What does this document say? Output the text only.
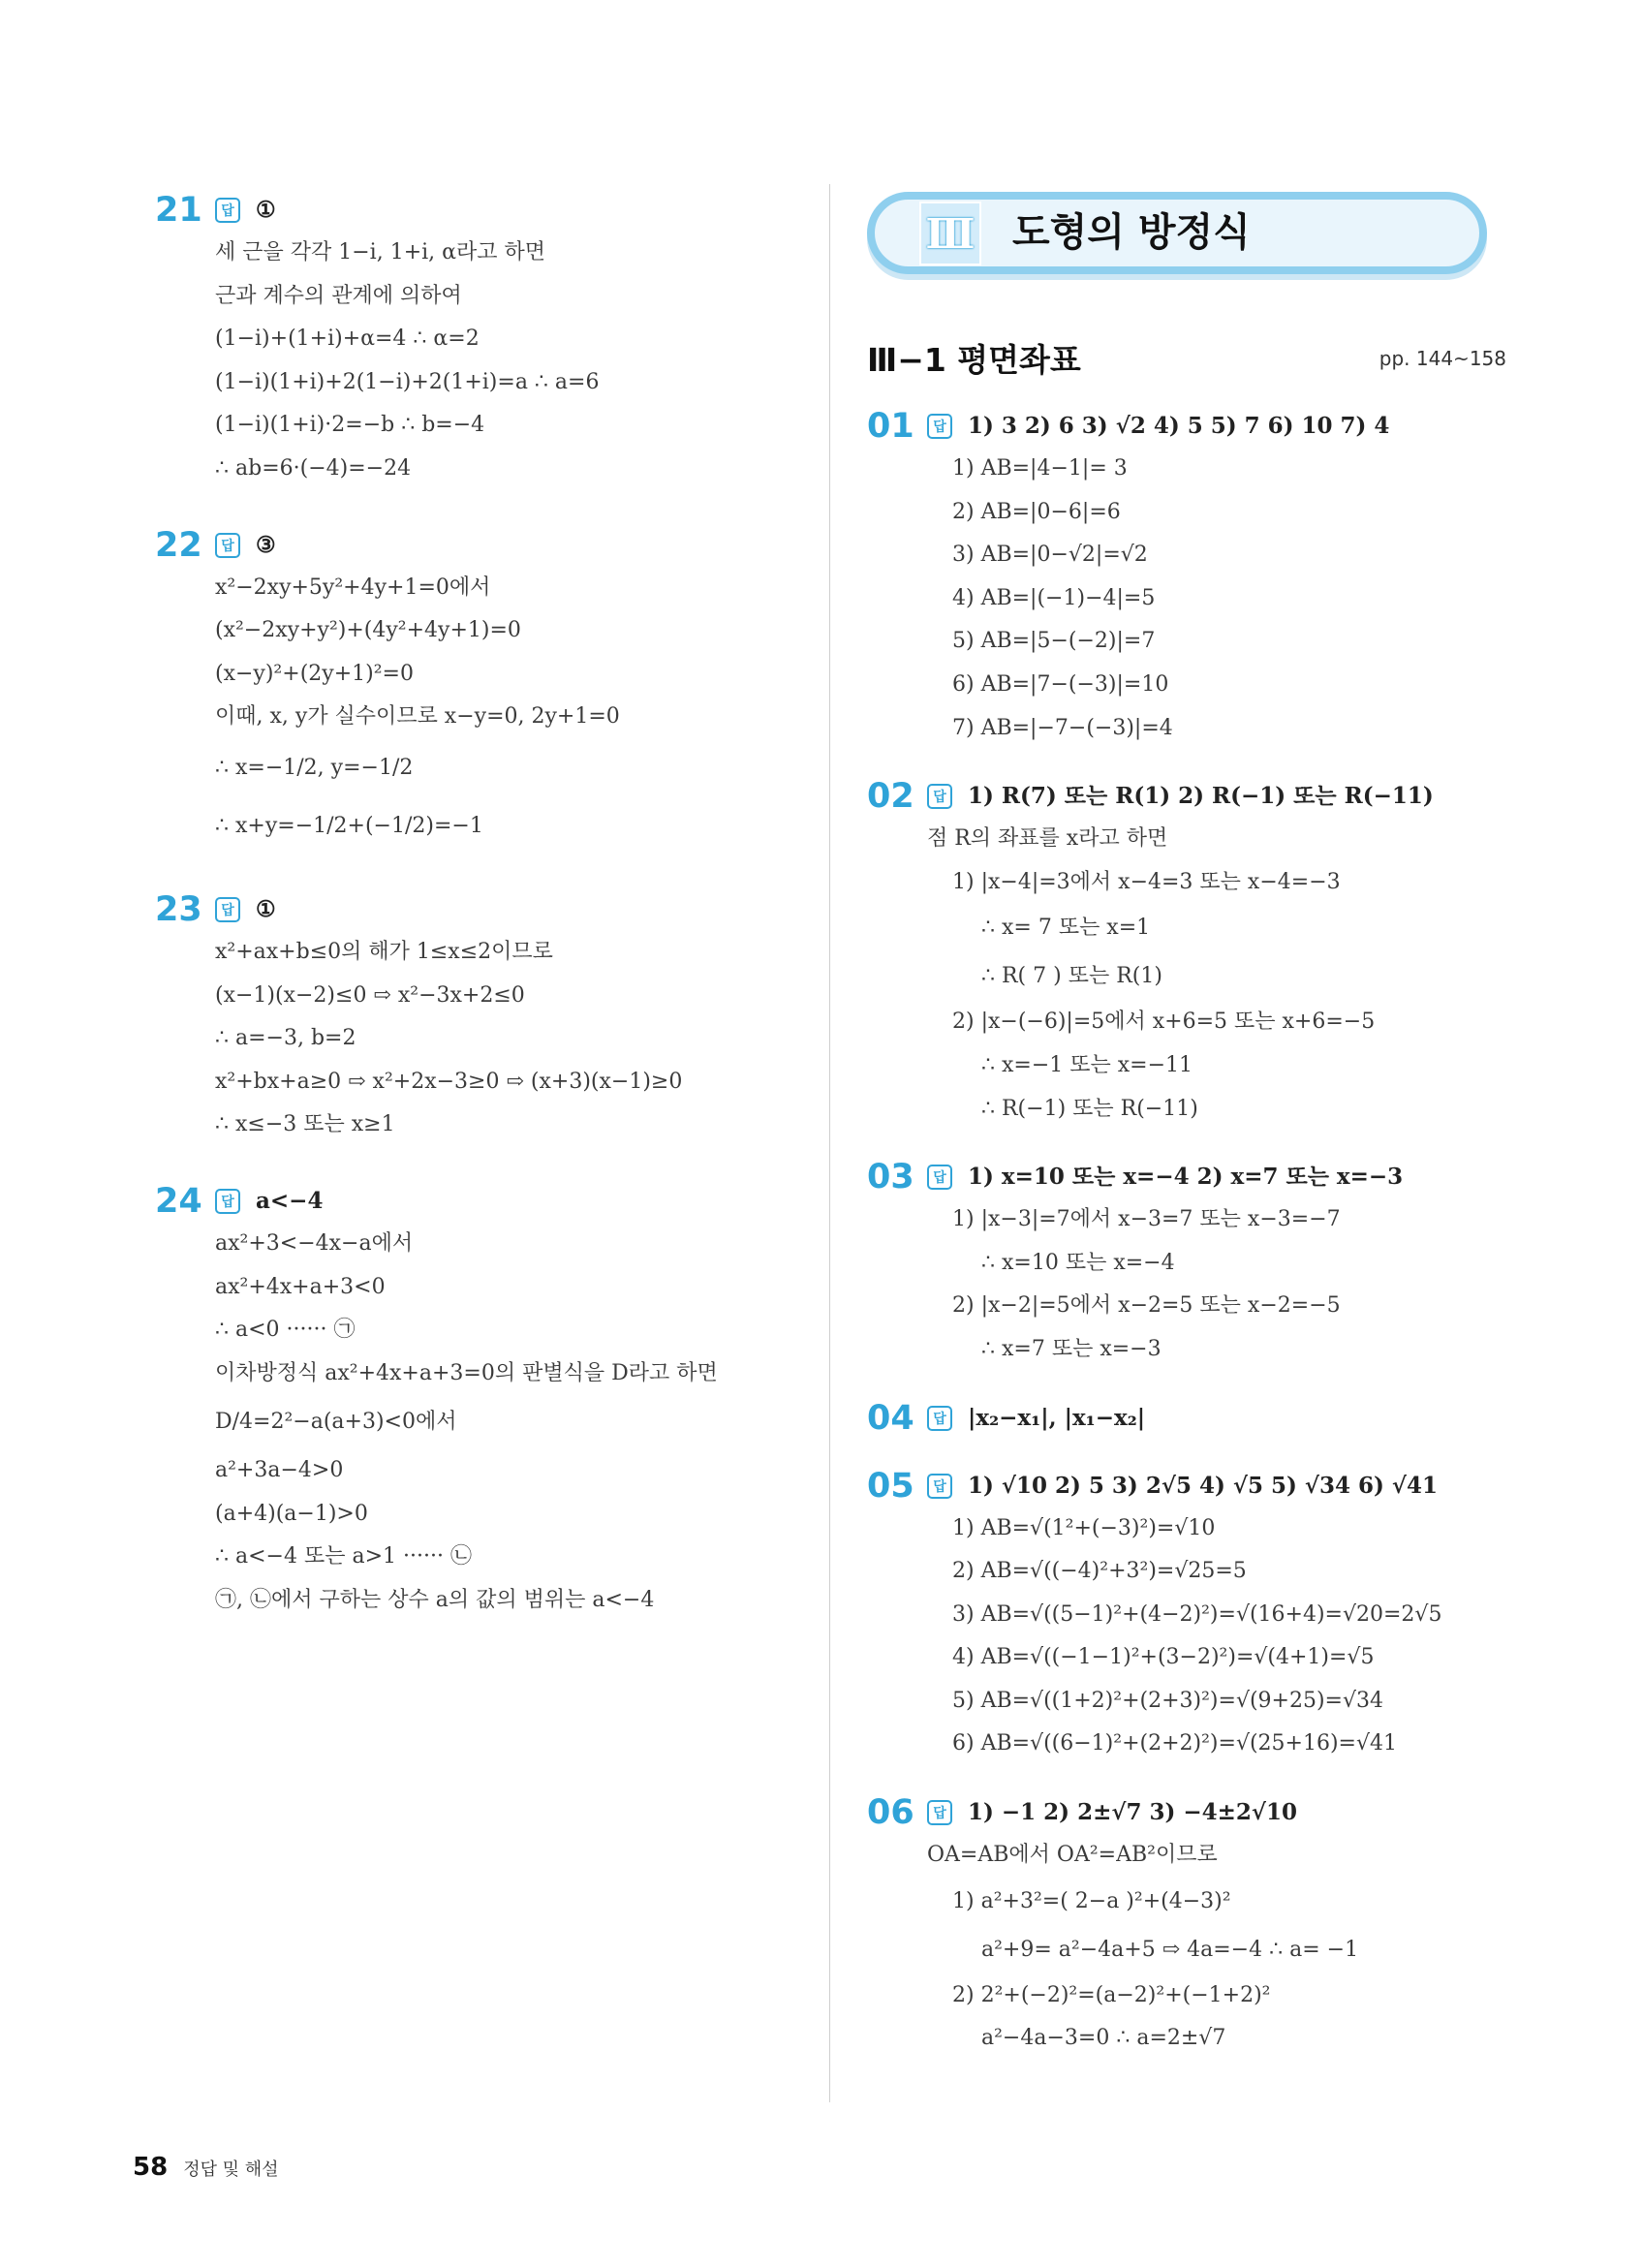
21	답 ①
세 근을 각각 1−i, 1+i, α라고 하면
근과 계수의 관계에 의하여
(1−i)+(1+i)+α=4 ∴ α=2
(1−i)(1+i)+2(1−i)+2(1+i)=a ∴ a=6
(1−i)(1+i)·2=−b ∴ b=−4
∴ ab=6·(−4)=−24
22	답 ③
x²−2xy+5y²+4y+1=0에서
(x²−2xy+y²)+(4y²+4y+1)=0
(x−y)²+(2y+1)²=0
이때, x, y가 실수이므로 x−y=0, 2y+1=0
∴ x=−1/2, y=−1/2
∴ x+y=−1/2+(−1/2)=−1
23	답 ①
x²+ax+b≤0의 해가 1≤x≤2이므로
(x−1)(x−2)≤0 ⇨ x²−3x+2≤0
∴ a=−3, b=2
x²+bx+a≥0 ⇨ x²+2x−3≥0 ⇨ (x+3)(x−1)≥0
∴ x≤−3 또는 x≥1
24	답 a<−4
ax²+3<−4x−a에서
ax²+4x+a+3<0
∴ a<0 ······ ㉠
이차방정식 ax²+4x+a+3=0의 판별식을 D라고 하면
D/4=2²−a(a+3)<0에서
a²+3a−4>0
(a+4)(a−1)>0
∴ a<−4 또는 a>1 ······ ㉡
㉠, ㉡에서 구하는 상수 a의 값의 범위는 a<−4
Ⅲ 도형의 방정식
Ⅲ−1 평면좌표	pp. 144~158
01	답 1) 3 2) 6 3) √2 4) 5 5) 7 6) 10 7) 4
1) AB=|4−1|= 3
2) AB=|0−6|=6
3) AB=|0−√2|=√2
4) AB=|(−1)−4|=5
5) AB=|5−(−2)|=7
6) AB=|7−(−3)|=10
7) AB=|−7−(−3)|=4
02	답 1) R(7) 또는 R(1) 2) R(−1) 또는 R(−11)
점 R의 좌표를 x라고 하면
1) |x−4|=3에서 x−4=3 또는 x−4=−3
∴ x= 7 또는 x=1
∴ R( 7 ) 또는 R(1)
2) |x−(−6)|=5에서 x+6=5 또는 x+6=−5
∴ x=−1 또는 x=−11
∴ R(−1) 또는 R(−11)
03	답 1) x=10 또는 x=−4 2) x=7 또는 x=−3
1) |x−3|=7에서 x−3=7 또는 x−3=−7
∴ x=10 또는 x=−4
2) |x−2|=5에서 x−2=5 또는 x−2=−5
∴ x=7 또는 x=−3
04	답 |x₂−x₁|, |x₁−x₂|
05	답 1) √10 2) 5 3) 2√5 4) √5 5) √34 6) √41
1) AB=√(1²+(−3)²)=√10
2) AB=√((−4)²+3²)=√25=5
3) AB=√((5−1)²+(4−2)²)=√(16+4)=√20=2√5
4) AB=√((−1−1)²+(3−2)²)=√(4+1)=√5
5) AB=√((1+2)²+(2+3)²)=√(9+25)=√34
6) AB=√((6−1)²+(2+2)²)=√(25+16)=√41
06	답 1) −1 2) 2±√7 3) −4±2√10
OA=AB에서 OA²=AB²이므로
1) a²+3²=( 2−a )²+(4−3)²
a²+9= a²−4a+5 ⇨ 4a=−4 ∴ a= −1
2) 2²+(−2)²=(a−2)²+(−1+2)²
a²−4a−3=0 ∴ a=2±√7
58 정답 및 해설
